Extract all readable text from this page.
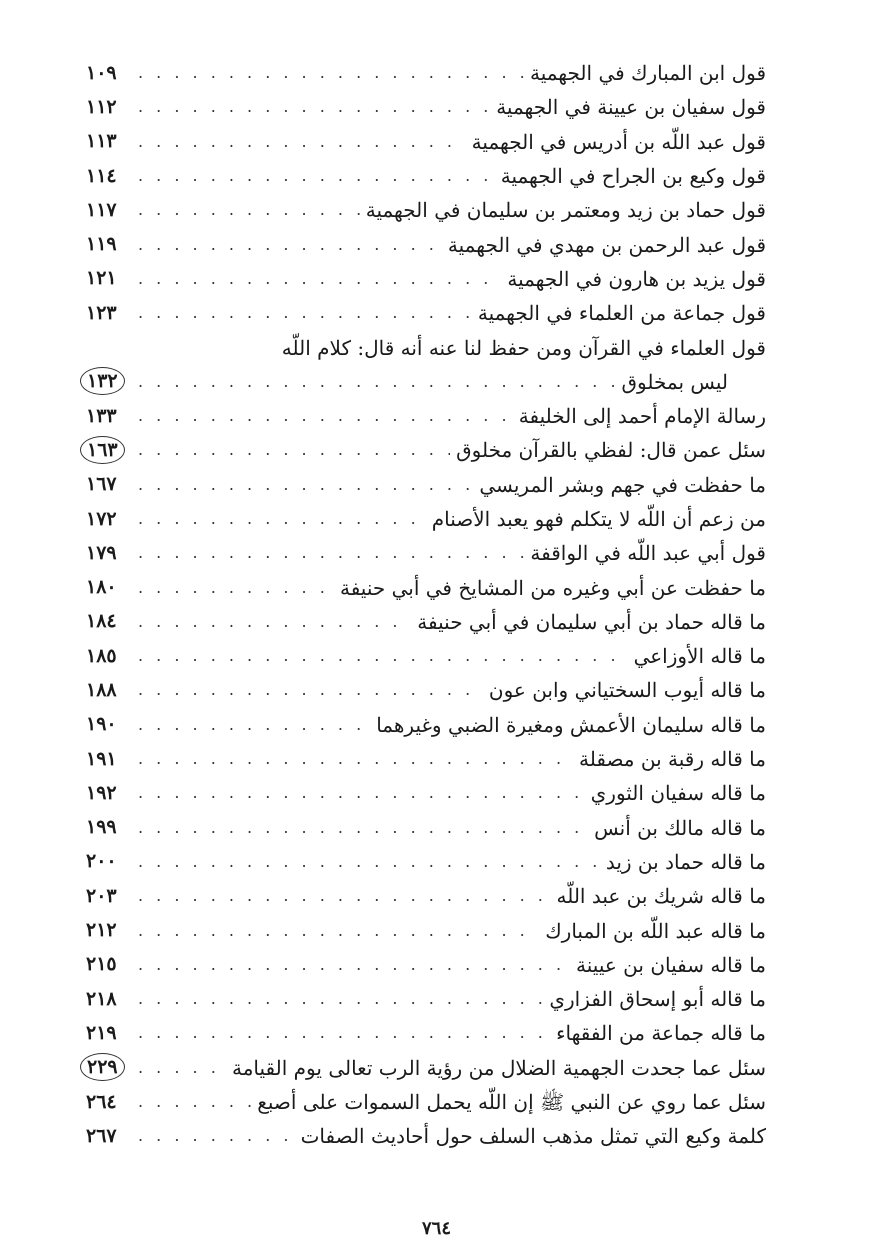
قول ابن المبارك في الجهمية
. . .
١٠٩
قول سفيان بن عيينة في الجهمية
. . .
١١٢
قول عبد اللّه بن أدريس في الجهمية
. . .
١١٣
قول وكيع بن الجراح في الجهمية
. . .
١١٤
قول حماد بن زيد ومعتمر بن سليمان في الجهمية
. . .
١١٧
قول عبد الرحمن بن مهدي في الجهمية
. . .
١١٩
قول يزيد بن هارون في الجهمية
. . .
١٢١
قول جماعة من العلماء في الجهمية
. . .
١٢٣
قول العلماء في القرآن ومن حفظ لنا عنه أنه قال: كلام اللّه
ليس بمخلوق
. . .
١٣٢
رسالة الإمام أحمد إلى الخليفة
. . .
١٣٣
سئل عمن قال: لفظي بالقرآن مخلوق
. . .
١٦٣
ما حفظت في جهم وبشر المريسي
. . .
١٦٧
من زعم أن اللّه لا يتكلم فهو يعبد الأصنام
. . .
١٧٢
قول أبي عبد اللّه في الواقفة
. . .
١٧٩
ما حفظت عن أبي وغيره من المشايخ في أبي حنيفة
. . .
١٨٠
ما قاله حماد بن أبي سليمان في أبي حنيفة
. . .
١٨٤
ما قاله الأوزاعي
. . .
١٨٥
ما قاله أيوب السختياني وابن عون
. . .
١٨٨
ما قاله سليمان الأعمش ومغيرة الضبي وغيرهما
. . .
١٩٠
ما قاله رقبة بن مصقلة
. . .
١٩١
ما قاله سفيان الثوري
. . .
١٩٢
ما قاله مالك بن أنس
. . .
١٩٩
ما قاله حماد بن زيد
. . .
٢٠٠
ما قاله شريك بن عبد اللّه
. . .
٢٠٣
ما قاله عبد اللّه بن المبارك
. . .
٢١٢
ما قاله سفيان بن عيينة
. . .
٢١٥
ما قاله أبو إسحاق الفزاري
. . .
٢١٨
ما قاله جماعة من الفقهاء
. . .
٢١٩
سئل عما جحدت الجهمية الضلال من رؤية الرب تعالى يوم القيامة
. . .
٢٢٩
سئل عما روي عن النبي ﷺ إن اللّه يحمل السموات على أصبع
. . .
٢٦٤
كلمة وكيع التي تمثل مذهب السلف حول أحاديث الصفات
. . .
٢٦٧
٧٦٤
